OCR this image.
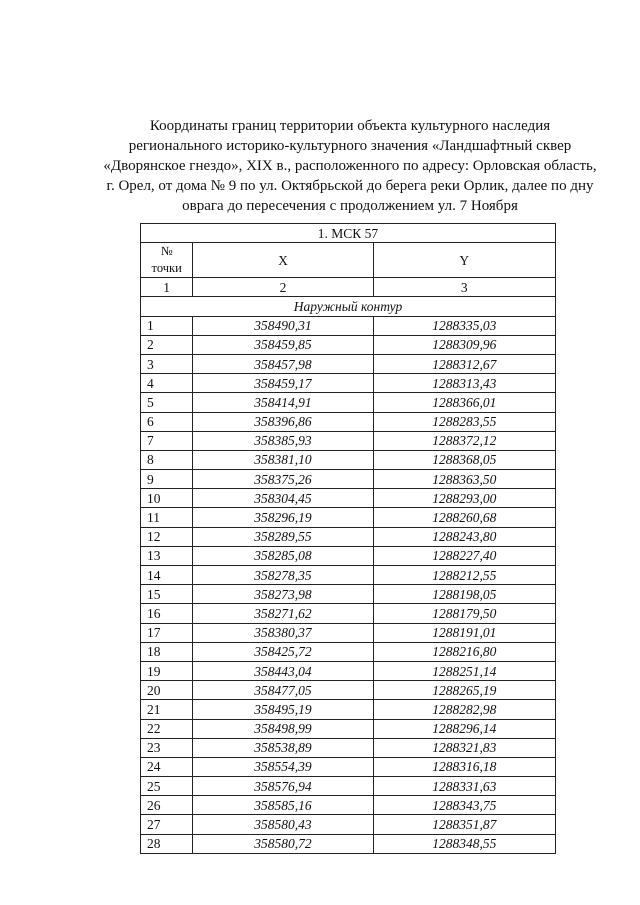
Координаты границ территории объекта культурного наследия
регионального историко-культурного значения «Ландшафтный сквер
«Дворянское гнездо», XIX в., расположенного по адресу: Орловская область,
г. Орел, от дома № 9 по ул. Октябрьской до берега реки Орлик, далее по дну
оврага до пересечения с продолжением ул. 7 Ноября
1. МСК 57		

№
точки	X	Y
1	2	3
Наружный контур		
1	358490,31	1288335,03
2	358459,85	1288309,96
3	358457,98	1288312,67
4	358459,17	1288313,43
5	358414,91	1288366,01
6	358396,86	1288283,55
7	358385,93	1288372,12
8	358381,10	1288368,05
9	358375,26	1288363,50
10	358304,45	1288293,00
11	358296,19	1288260,68
12	358289,55	1288243,80
13	358285,08	1288227,40
14	358278,35	1288212,55
15	358273,98	1288198,05
16	358271,62	1288179,50
17	358380,37	1288191,01
18	358425,72	1288216,80
19	358443,04	1288251,14
20	358477,05	1288265,19
21	358495,19	1288282,98
22	358498,99	1288296,14
23	358538,89	1288321,83
24	358554,39	1288316,18
25	358576,94	1288331,63
26	358585,16	1288343,75
27	358580,43	1288351,87
28	358580,72	1288348,55
